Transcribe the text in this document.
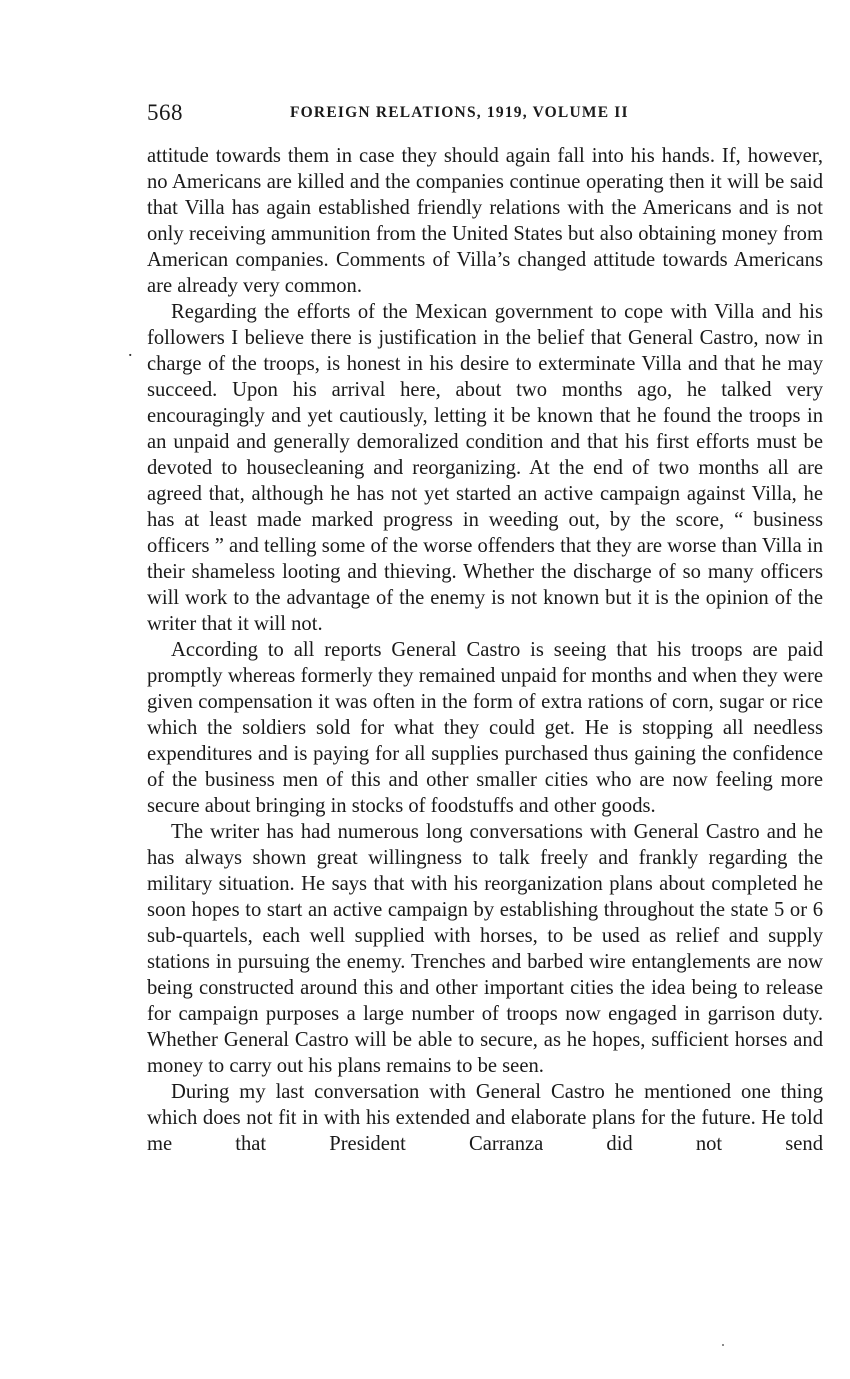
568	FOREIGN RELATIONS, 1919, VOLUME II
.

attitude towards them in case they should again fall into his hands. If, however, no Americans are killed and the companies continue operating then it will be said that Villa has again established friendly relations with the Americans and is not only receiving ammunition from the United States but also obtaining money from American companies. Comments of Villa’s changed attitude towards Americans are already very common.

Regarding the efforts of the Mexican government to cope with Villa and his followers I believe there is justification in the belief that General Castro, now in charge of the troops, is honest in his desire to exterminate Villa and that he may succeed. Upon his arrival here, about two months ago, he talked very encouragingly and yet cautiously, letting it be known that he found the troops in an unpaid and generally demoralized condition and that his first efforts must be devoted to housecleaning and reorganizing. At the end of two months all are agreed that, although he has not yet started an active campaign against Villa, he has at least made marked progress in weeding out, by the score, “ business officers ” and telling some of the worse offenders that they are worse than Villa in their shameless looting and thieving. Whether the discharge of so many officers will work to the advantage of the enemy is not known but it is the opinion of the writer that it will not.

According to all reports General Castro is seeing that his troops are paid promptly whereas formerly they remained unpaid for months and when they were given compensation it was often in the form of extra rations of corn, sugar or rice which the soldiers sold for what they could get. He is stopping all needless expenditures and is paying for all supplies purchased thus gaining the confidence of the business men of this and other smaller cities who are now feeling more secure about bringing in stocks of foodstuffs and other goods.

The writer has had numerous long conversations with General Castro and he has always shown great willingness to talk freely and frankly regarding the military situation. He says that with his reorganization plans about completed he soon hopes to start an active campaign by establishing throughout the state 5 or 6 sub-quartels, each well supplied with horses, to be used as relief and supply stations in pursuing the enemy. Trenches and barbed wire entanglements are now being constructed around this and other important cities the idea being to release for campaign purposes a large number of troops now engaged in garrison duty. Whether General Castro will be able to secure, as he hopes, sufficient horses and money to carry out his plans remains to be seen.

During my last conversation with General Castro he mentioned one thing which does not fit in with his extended and elaborate plans for the future. He told me that President Carranza did not send
